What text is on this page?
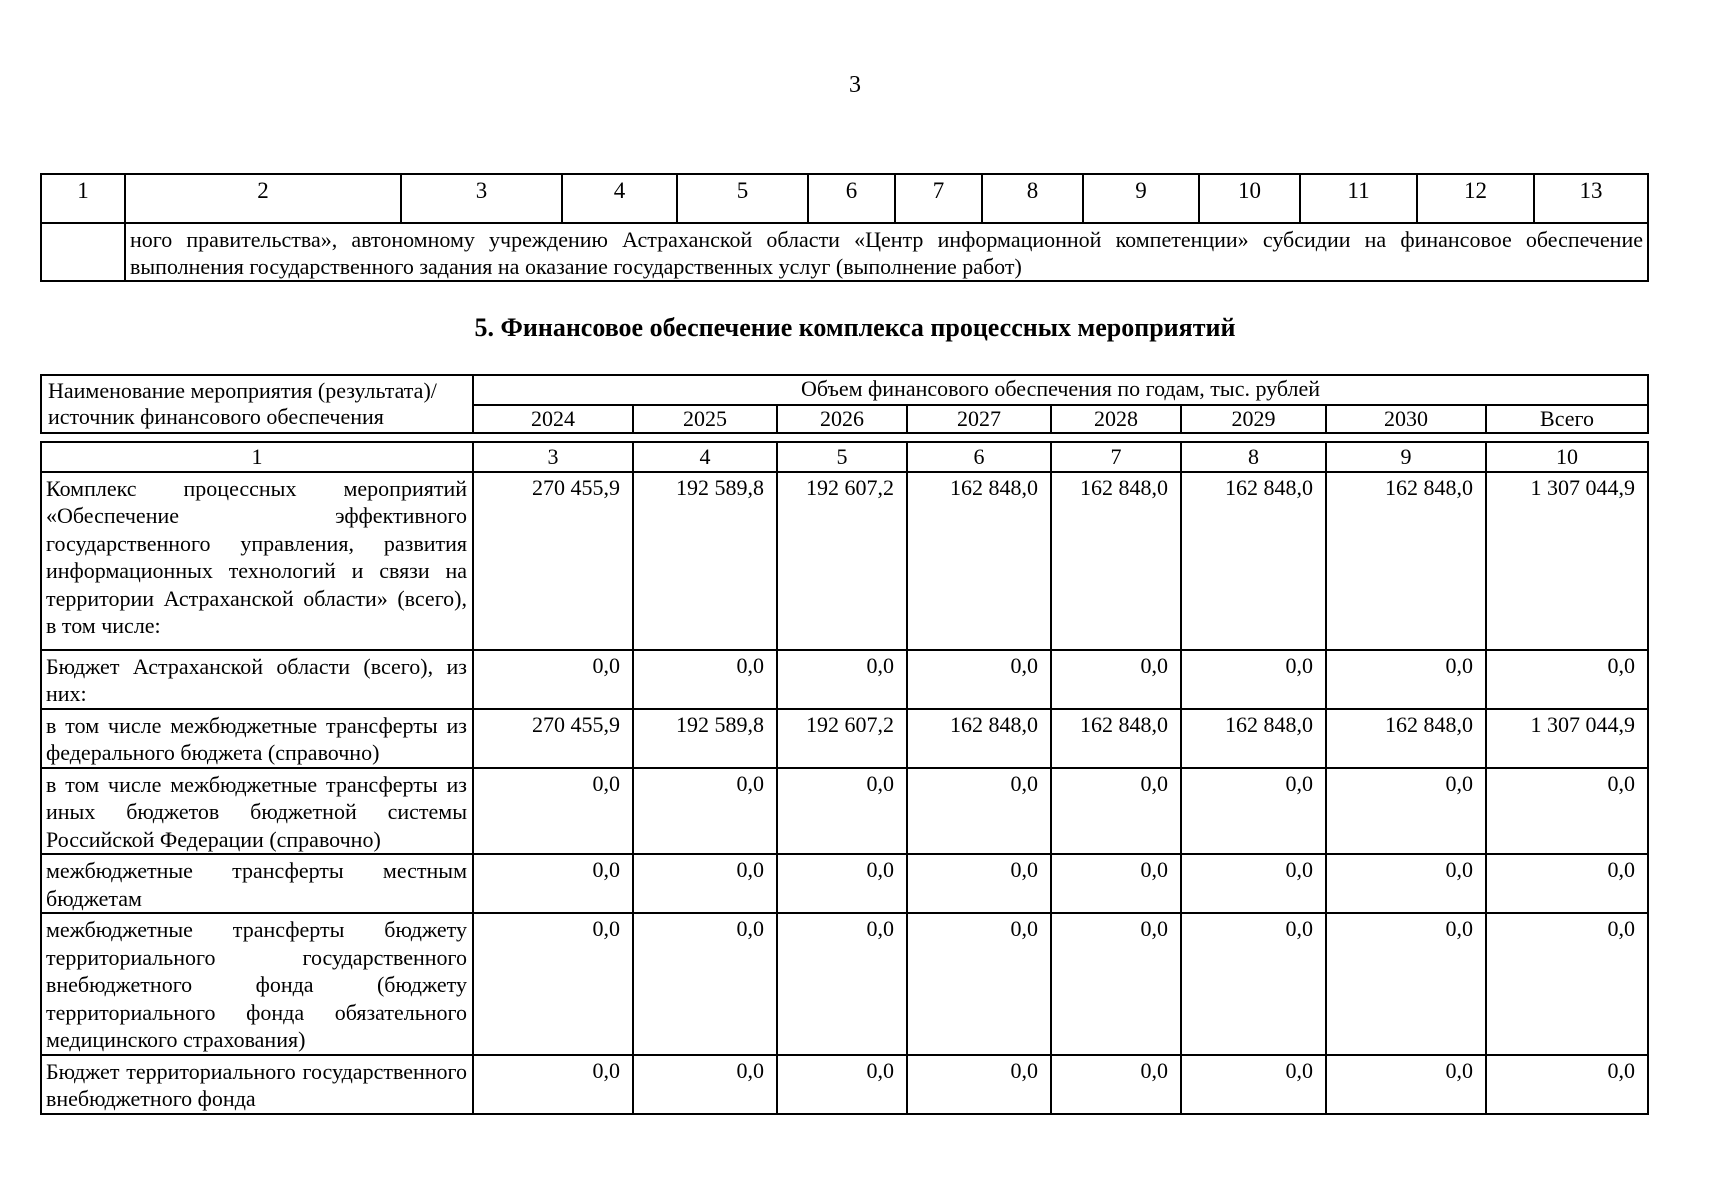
3
1	2	3	4	5	6	7	8	9	10	11	12	13
	ного правительства», автономному учреждению Астраханской области «Центр информационной компетенции» субсидии на финансовое обеспечение выполнения государственного задания на оказание государственных услуг (выполнение работ)											
5. Финансовое обеспечение комплекса процессных мероприятий
Наименование мероприятия (результата)/источник финансового обеспечения	Объем финансового обеспечения по годам, тыс. рублей							
	2024	2025	2026	2027	2028	2029	2030	Всего
1	3	4	5	6	7	8	9	10
Комплекс процессных мероприятий «Обеспечение эффективного государственного управления, развития информационных технологий и связи на территории Астраханской области» (всего), в том числе:	270 455,9	192 589,8	192 607,2	162 848,0	162 848,0	162 848,0	162 848,0	1 307 044,9
Бюджет Астраханской области (всего), из них:	0,0	0,0	0,0	0,0	0,0	0,0	0,0	0,0
в том числе межбюджетные трансферты из федерального бюджета (справочно)	270 455,9	192 589,8	192 607,2	162 848,0	162 848,0	162 848,0	162 848,0	1 307 044,9
в том числе межбюджетные трансферты из иных бюджетов бюджетной системы Российской Федерации (справочно)	0,0	0,0	0,0	0,0	0,0	0,0	0,0	0,0
межбюджетные трансферты местным бюджетам	0,0	0,0	0,0	0,0	0,0	0,0	0,0	0,0
межбюджетные трансферты бюджету территориального государственного внебюджетного фонда (бюджету территориального фонда обязательного медицинского страхования)	0,0	0,0	0,0	0,0	0,0	0,0	0,0	0,0
Бюджет территориального государственного внебюджетного фонда	0,0	0,0	0,0	0,0	0,0	0,0	0,0	0,0
